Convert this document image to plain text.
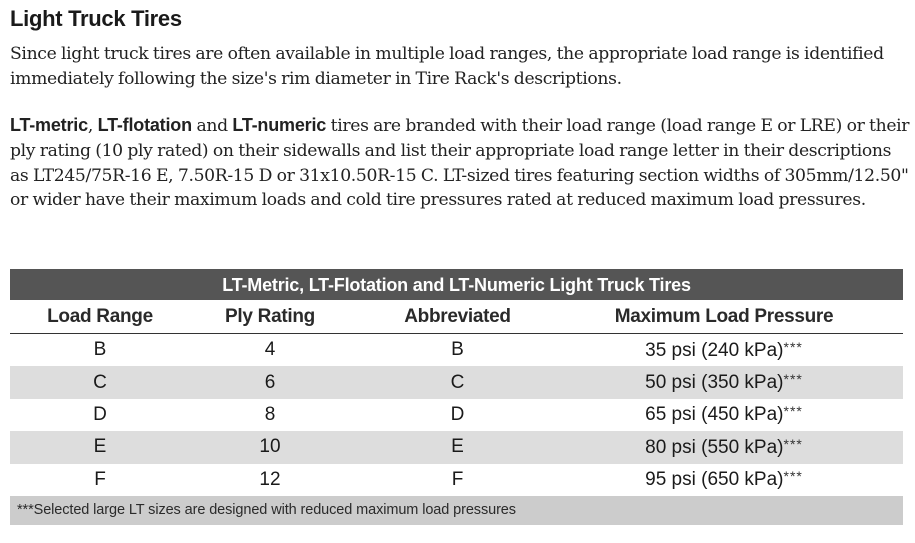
Light Truck Tires
Since light truck tires are often available in multiple load ranges, the appropriate load range is identified immediately following the size's rim diameter in Tire Rack's descriptions.
LT-metric, LT-flotation and LT-numeric tires are branded with their load range (load range E or LRE) or their ply rating (10 ply rated) on their sidewalls and list their appropriate load range letter in their descriptions as LT245/75R-16 E, 7.50R-15 D or 31x10.50R-15 C. LT-sized tires featuring section widths of 305mm/12.50" or wider have their maximum loads and cold tire pressures rated at reduced maximum load pressures.
LT-Metric, LT-Flotation and LT-Numeric Light Truck Tires
Load Range	Ply Rating	Abbreviated	Maximum Load Pressure
B	4	B	35 psi (240 kPa)***
C	6	C	50 psi (350 kPa)***
D	8	D	65 psi (450 kPa)***
E	10	E	80 psi (550 kPa)***
F	12	F	95 psi (650 kPa)***
***Selected large LT sizes are designed with reduced maximum load pressures
